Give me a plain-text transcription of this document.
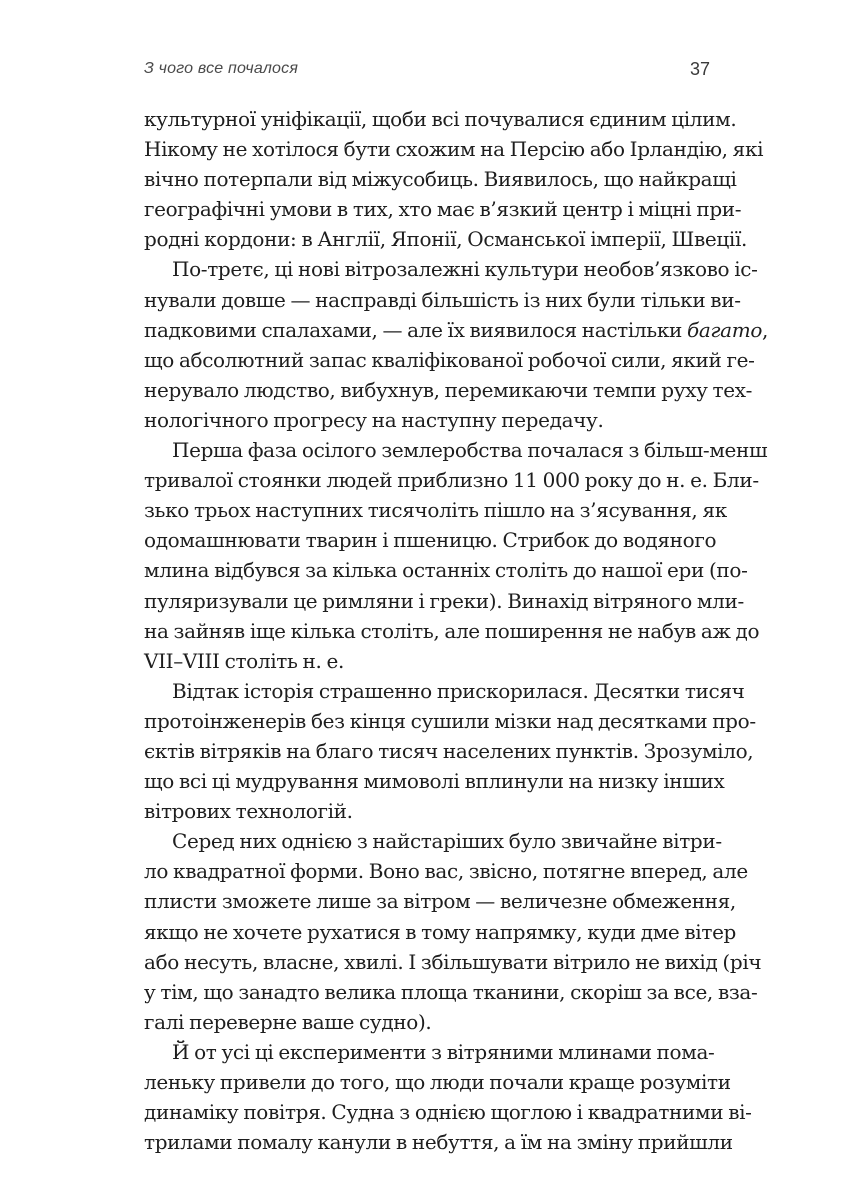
З чого все почалося	37

культурної уніфікації, щоби всі почувалися єдиним цілим.
Нікому не хотілося бути схожим на Персію або Ірландію, які
вічно потерпали від міжусобиць. Виявилось, що найкращі
географічні умови в тих, хто має в’язкий центр і міцні при-
родні кордони: в Англії, Японії, Османської імперії, Швеції.

По-третє, ці нові вітрозалежні культури необов’язково іс-
нували довше — насправді більшість із них були тільки ви-
падковими спалахами, — але їх виявилося настільки багато,
що абсолютний запас кваліфікованої робочої сили, який ге-
нерувало людство, вибухнув, перемикаючи темпи руху тех-
нологічного прогресу на наступну передачу.

Перша фаза осілого землеробства почалася з більш-менш
тривалої стоянки людей приблизно 11 000 року до н. е. Бли-
зько трьох наступних тисячоліть пішло на з’ясування, як
одомашнювати тварин і пшеницю. Стрибок до водяного
млина відбувся за кілька останніх століть до нашої ери (по-
пуляризували це римляни і греки). Винахід вітряного мли-
на зайняв іще кілька століть, але поширення не набув аж до
VII–VIII століть н. е.

Відтак історія страшенно прискорилася. Десятки тисяч
протоінженерів без кінця сушили мізки над десятками про-
єктів вітряків на благо тисяч населених пунктів. Зрозуміло,
що всі ці мудрування мимоволі вплинули на низку інших
вітрових технологій.

Серед них однією з найстаріших було звичайне вітри-
ло квадратної форми. Воно вас, звісно, потягне вперед, але
плисти зможете лише за вітром — величезне обмеження,
якщо не хочете рухатися в тому напрямку, куди дме вітер
або несуть, власне, хвилі. І збільшувати вітрило не вихід (річ
у тім, що занадто велика площа тканини, скоріш за все, взa-
галі переверне ваше судно).

Й от усі ці експерименти з вітряними млинами помa-
леньку привели до того, що люди почали краще розуміти
динаміку повітря. Судна з однією щоглою і квадратними ві-
трилами помалу канули в небуття, а їм на зміну прийшли
